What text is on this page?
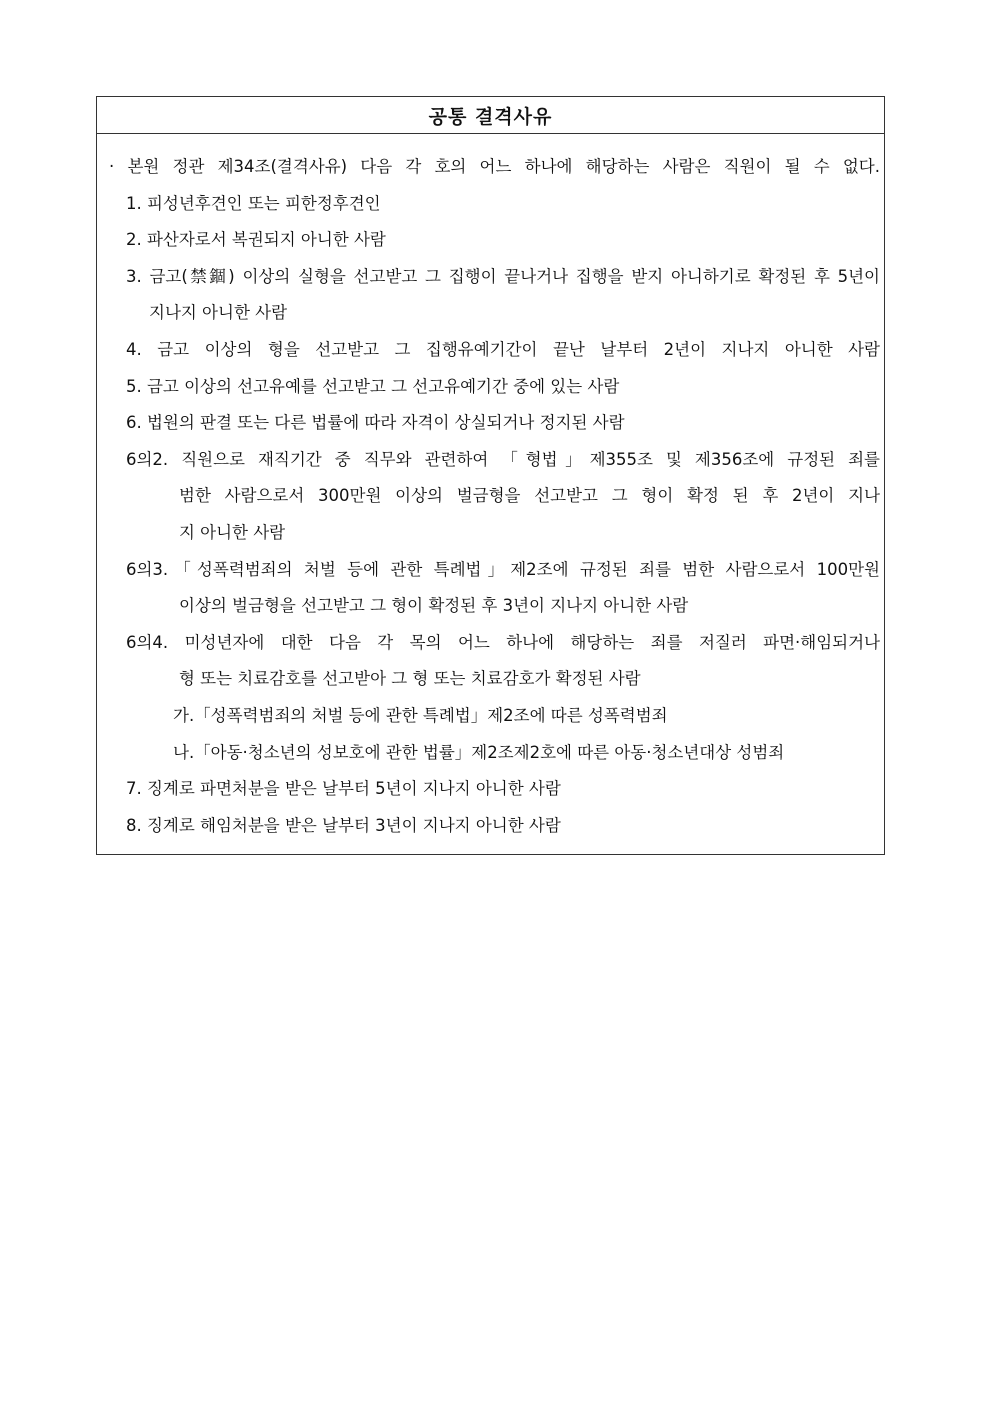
공통 결격사유
· 본원 정관 제34조(결격사유) 다음 각 호의 어느 하나에 해당하는 사람은 직원이 될 수 없다.
1. 피성년후견인 또는 피한정후견인
2. 파산자로서 복권되지 아니한 사람
3. 금고(禁錮) 이상의 실형을 선고받고 그 집행이 끝나거나 집행을 받지 아니하기로 확정된 후 5년이
지나지 아니한 사람
4. 금고 이상의 형을 선고받고 그 집행유예기간이 끝난 날부터 2년이 지나지 아니한 사람
5. 금고 이상의 선고유예를 선고받고 그 선고유예기간 중에 있는 사람
6. 법원의 판결 또는 다른 법률에 따라 자격이 상실되거나 정지된 사람
6의2. 직원으로 재직기간 중 직무와 관련하여 「형법」제355조 및 제356조에 규정된 죄를
범한 사람으로서 300만원 이상의 벌금형을 선고받고 그 형이 확정 된 후 2년이 지나
지 아니한 사람
6의3.「성폭력범죄의 처벌 등에 관한 특례법」제2조에 규정된 죄를 범한 사람으로서 100만원
이상의 벌금형을 선고받고 그 형이 확정된 후 3년이 지나지 아니한 사람
6의4. 미성년자에 대한 다음 각 목의 어느 하나에 해당하는 죄를 저질러 파면·해임되거나
형 또는 치료감호를 선고받아 그 형 또는 치료감호가 확정된 사람
가.「성폭력범죄의 처벌 등에 관한 특례법」제2조에 따른 성폭력범죄
나.「아동·청소년의 성보호에 관한 법률」제2조제2호에 따른 아동·청소년대상 성범죄
7. 징계로 파면처분을 받은 날부터 5년이 지나지 아니한 사람
8. 징계로 해임처분을 받은 날부터 3년이 지나지 아니한 사람
